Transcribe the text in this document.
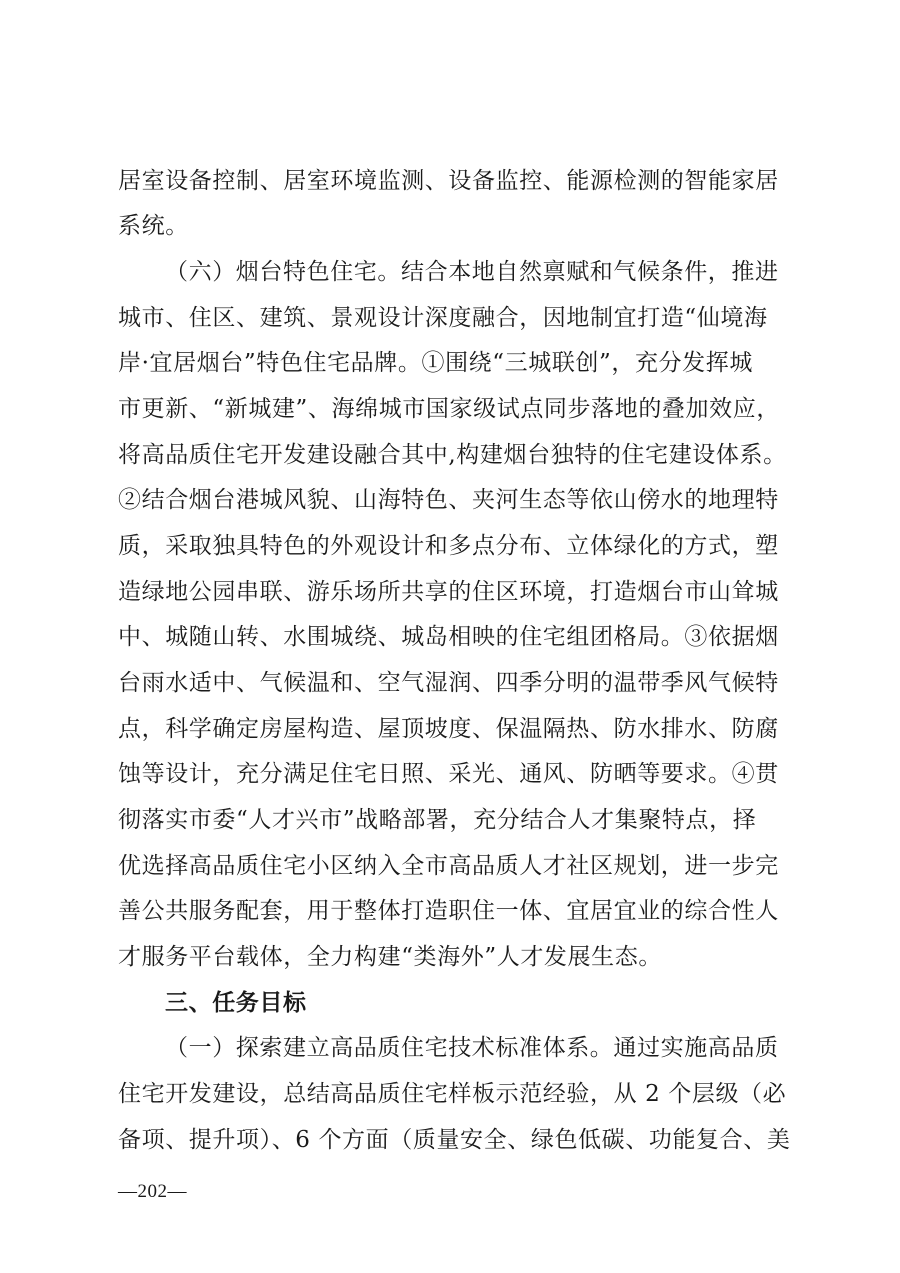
居室设备控制、居室环境监测、设备监控、能源检测的智能家居
系统。
（六）烟台特色住宅。结合本地自然禀赋和气候条件，推进
城市、住区、建筑、景观设计深度融合，因地制宜打造“仙境海
岸·宜居烟台”特色住宅品牌。①围绕“三城联创”，充分发挥城
市更新、“新城建”、海绵城市国家级试点同步落地的叠加效应，
将高品质住宅开发建设融合其中,构建烟台独特的住宅建设体系。
②结合烟台港城风貌、山海特色、夹河生态等依山傍水的地理特
质，采取独具特色的外观设计和多点分布、立体绿化的方式，塑
造绿地公园串联、游乐场所共享的住区环境，打造烟台市山耸城
中、城随山转、水围城绕、城岛相映的住宅组团格局。③依据烟
台雨水适中、气候温和、空气湿润、四季分明的温带季风气候特
点，科学确定房屋构造、屋顶坡度、保温隔热、防水排水、防腐
蚀等设计，充分满足住宅日照、采光、通风、防晒等要求。④贯
彻落实市委“人才兴市”战略部署，充分结合人才集聚特点，择
优选择高品质住宅小区纳入全市高品质人才社区规划，进一步完
善公共服务配套，用于整体打造职住一体、宜居宜业的综合性人
才服务平台载体，全力构建“类海外”人才发展生态。
三、任务目标
（一）探索建立高品质住宅技术标准体系。通过实施高品质
住宅开发建设，总结高品质住宅样板示范经验，从 2 个层级（必
备项、提升项）、6 个方面（质量安全、绿色低碳、功能复合、美
—202—
